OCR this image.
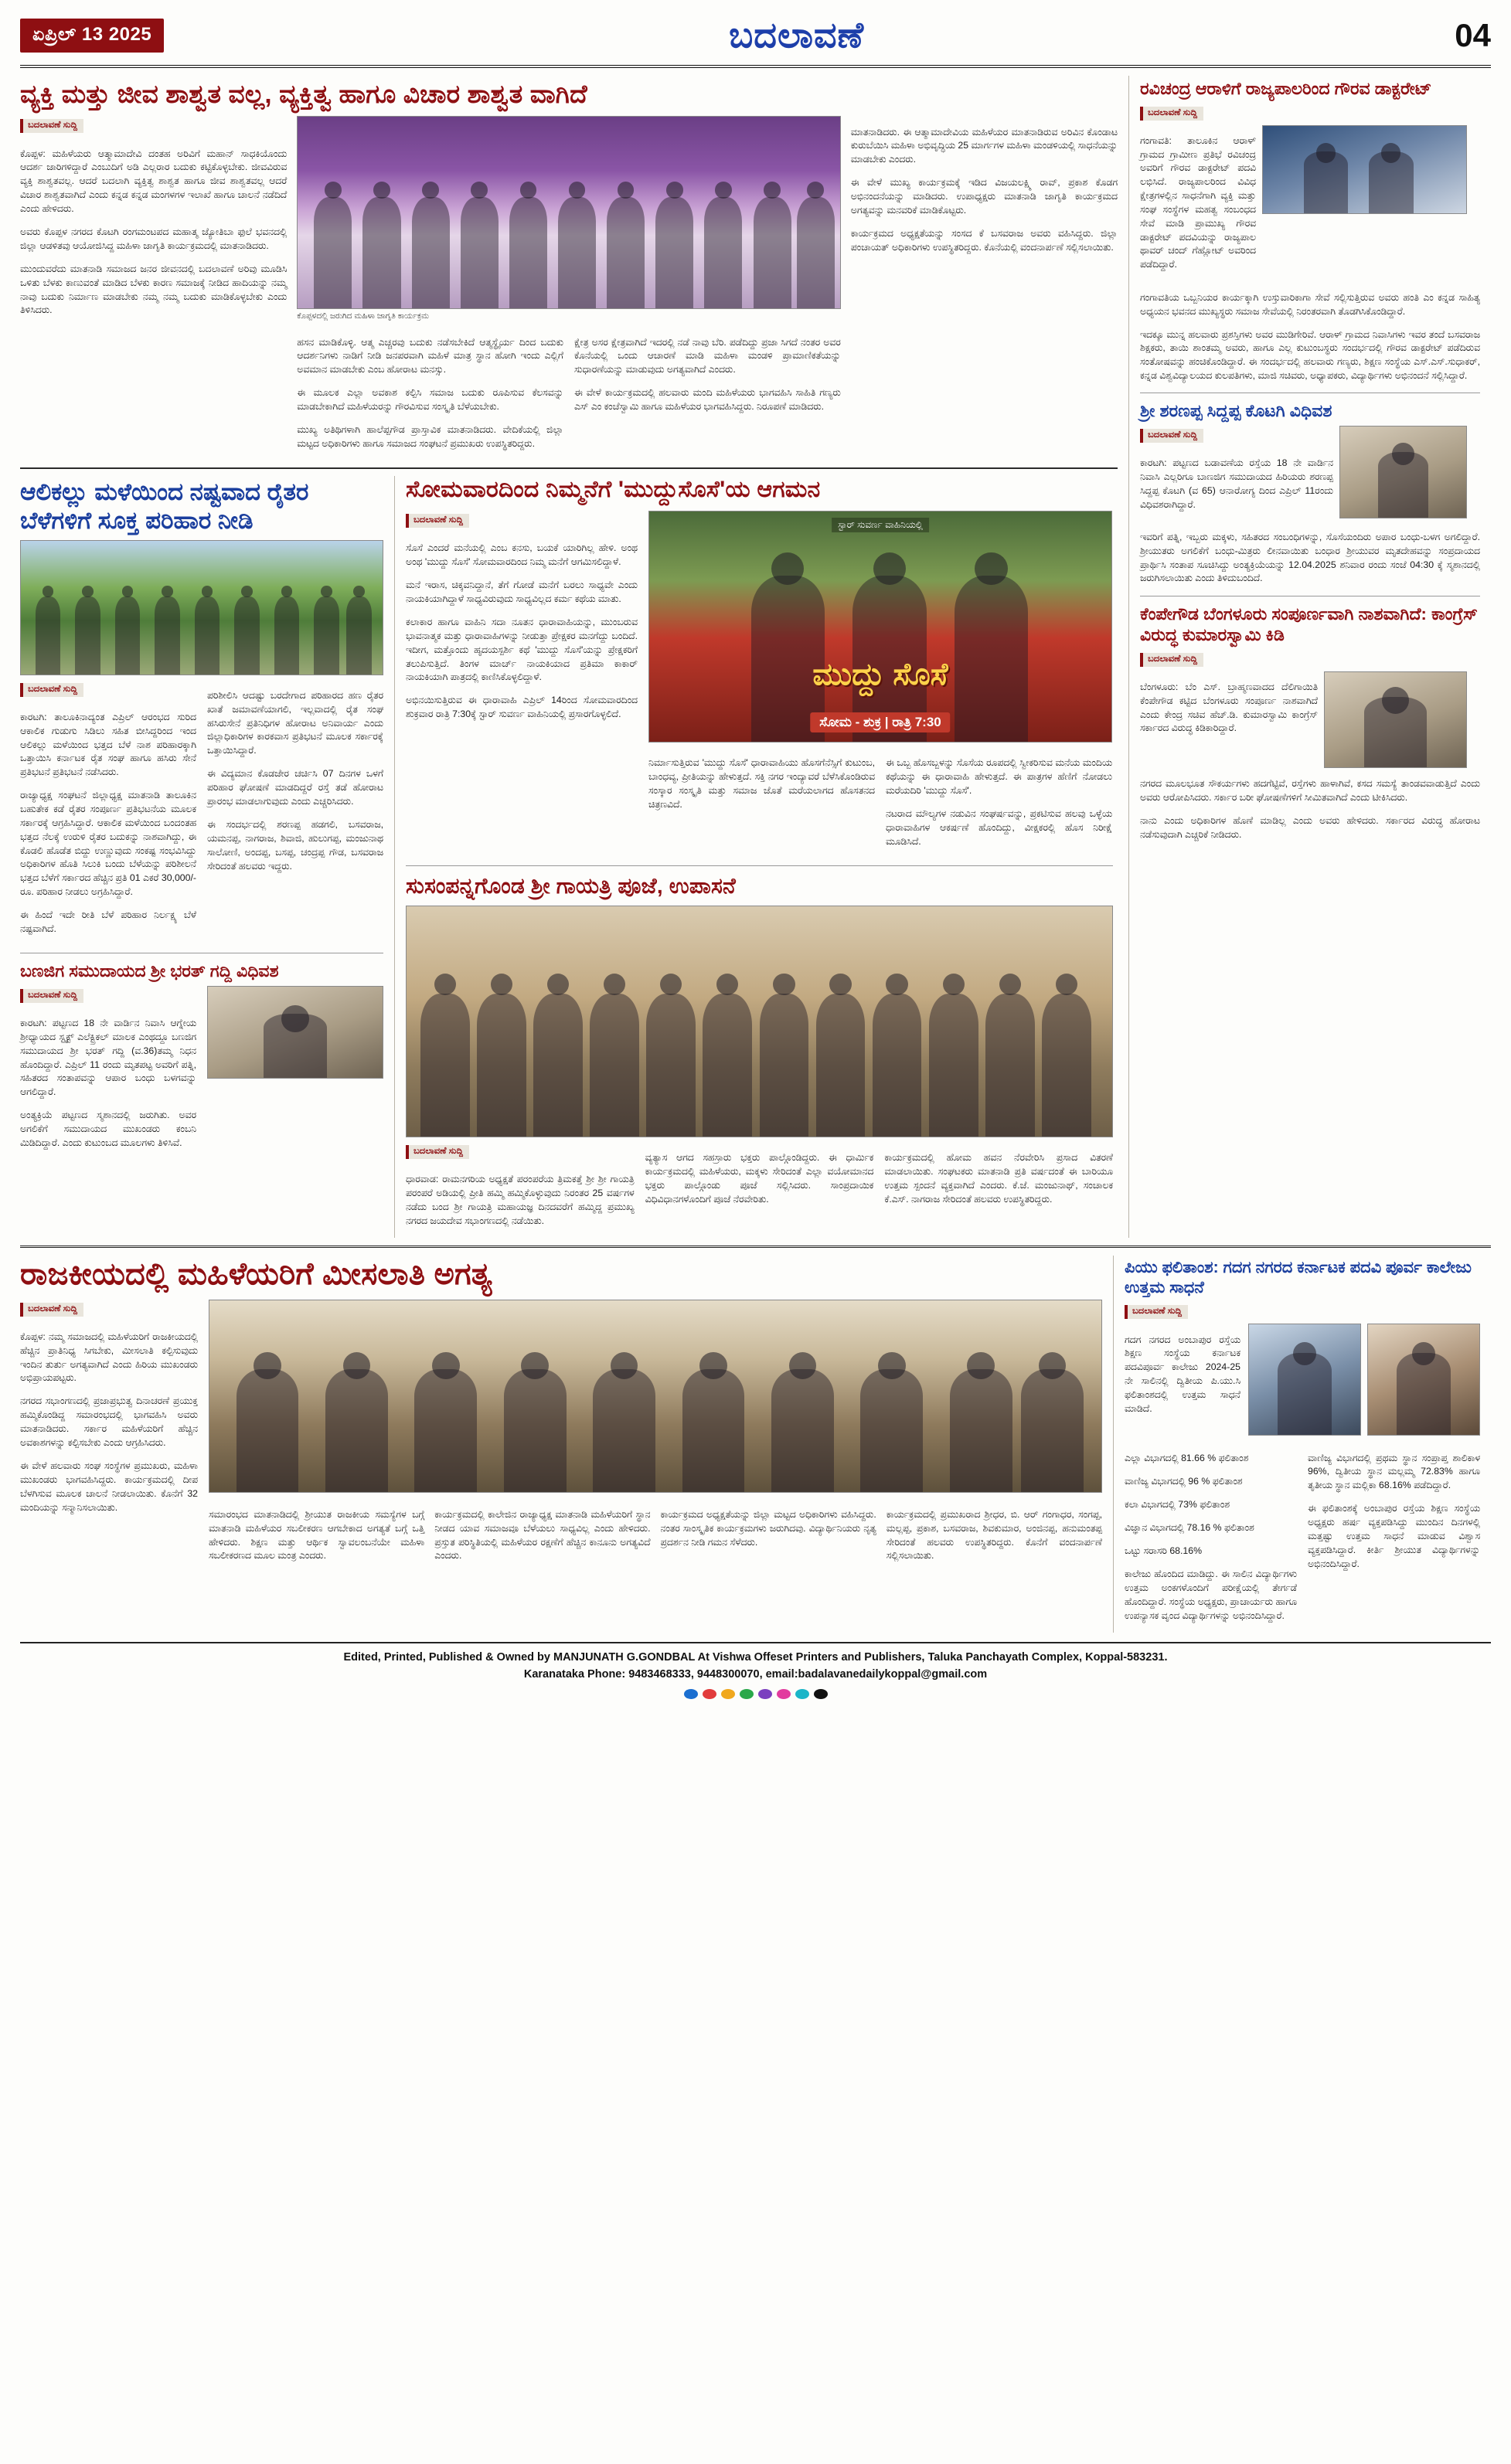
ಏಪ್ರಿಲ್ 13 2025	ಬದಲಾವಣೆ	04
ವ್ಯಕ್ತಿ ಮತ್ತು ಜೀವ ಶಾಶ್ವತ ವಲ್ಲ, ವ್ಯಕ್ತಿತ್ವ ಹಾಗೂ ವಿಚಾರ ಶಾಶ್ವತ ವಾಗಿದೆ
ಬದಲಾವಣೆ ಸುದ್ದಿ

ಕೊಪ್ಪಳ: ಮಹಿಳೆಯರು ಆತ್ಮಾಮಾದೇವಿ ದಂತಹ ಅರಿವಿಗೆ ಮಹಾನ್ ಸಾಧಕಿಯೊಂದು ಆದರ್ಶ ಜಾರಿಗಳಿದ್ದಾರೆ ಎಂಬುದಿಗೆ ಅಡಿ ಎಲ್ಲರಾರ ಬದುಕು ಕಟ್ಟಿಕೊಳ್ಳಬೇಕು. ಜೀವವಿರುವ ವ್ಯಕ್ತಿ ಶಾಶ್ವತವಲ್ಲ. ಆದರೆ ಬದಲಾಗಿ ವ್ಯಕ್ತಿತ್ವ ಶಾಶ್ವತ ಹಾಗೂ ಜೀವ ಶಾಶ್ವತವಲ್ಲ ಆದರೆ ವಿಚಾರ ಶಾಶ್ವತವಾಗಿದೆ ಎಂದು ಕನ್ನಡ ಕನ್ನಡ ಮಂಗಳಗಳ ಇಲಾಖೆ ಹಾಗೂ ಚಾಲನೆ ನಡೆದಿದೆ ಎಂದು ಹೇಳಿದರು.

ಅವರು ಕೊಪ್ಪಳ ನಗರದ ಕೊಟಗಿ ರಂಗಮಂಟಪದ ಮಹಾತ್ಮ ಜ್ಯೋತಿಬಾ ಫುಲೆ ಭವನದಲ್ಲಿ ಜಿಲ್ಲಾ ಆಡಳಿತವು ಆಯೋಜಿಸಿದ್ದ ಮಹಿಳಾ ಜಾಗೃತಿ ಕಾರ್ಯಕ್ರಮದಲ್ಲಿ ಮಾತನಾಡಿದರು.

ಮುಂದುವರೆದು ಮಾತನಾಡಿ ಸಮಾಜದ ಜನರ ಜೀವನದಲ್ಲಿ ಬದಲಾವಣೆ ಅರಿವು ಮೂಡಿಸಿ ಒಳಿತು ಬೆಳಕು ಕಾಣುವಂತೆ ಮಾಡಿದ ಬೆಳಕು ಕಾರಣ ಸಮಾಜಕ್ಕೆ ನೀಡಿದ ಹಾದಿಯನ್ನು ನಮ್ಮ ನಾವು ಬದುಕು ನಿರ್ಮಾಣ ಮಾಡಬೇಕು ನಮ್ಮ ನಮ್ಮ ಬದುಕು ಮಾಡಿಕೊಳ್ಳಬೇಕು ಎಂದು ತಿಳಿಸಿದರು.

ಕೊಪ್ಪಳದಲ್ಲಿ ಜರುಗಿದ ಮಹಿಳಾ ಜಾಗೃತಿ ಕಾರ್ಯಕ್ರಮ

ಹಸನ ಮಾಡಿಕೊಳ್ಳಿ. ಆತ್ಮ ಎಚ್ಚರವು ಬದುಕು ನಡೆಸಬೇಕಿದೆ ಆತ್ಮಸ್ಥೈರ್ಯ ದಿಂದ ಬದುಕು ಆದರ್ಶನಿಗಳು ನಾಡಿಗೆ ನೀಡಿ ಜನಪರವಾಗಿ ಮಹಿಳೆ ಮಾತ್ರ ಸ್ಥಾನ ಹೋಗಿ ಇಂದು ಎಲ್ಲಿಗೆ ಅವಮಾನ ಮಾಡಬೇಕು ಎಂಬ ಹೋರಾಟ ಮನಸ್ಸು.

ಈ ಮೂಲಕ ಎಲ್ಲಾ ಅವಕಾಶ ಕಲ್ಪಿಸಿ ಸಮಾಜ ಬದುಕು ರೂಪಿಸುವ ಕೆಲಸವನ್ನು ಮಾಡಬೇಕಾಗಿದೆ ಮಹಿಳೆಯರನ್ನು ಗೌರವಿಸುವ ಸಂಸ್ಕೃತಿ ಬೆಳೆಯಬೇಕು.

ಮುಖ್ಯ ಅತಿಥಿಗಳಾಗಿ ಹಾಲೆಪ್ಪಗೌಡ ಪ್ರಾಸ್ತಾವಿಕ ಮಾತನಾಡಿದರು. ವೇದಿಕೆಯಲ್ಲಿ ಜಿಲ್ಲಾ ಮಟ್ಟದ ಅಧಿಕಾರಿಗಳು ಹಾಗೂ ಸಮಾಜದ ಸಂಘಟನೆ ಪ್ರಮುಖರು ಉಪಸ್ಥಿತರಿದ್ದರು.

ಕ್ಷೇತ್ರ ಅಸರ ಕ್ಷೇತ್ರವಾಗಿದೆ ಇದರಲ್ಲಿ ನಡೆ ನಾವು ಬೆರಿ. ಪಡೆದಿದ್ದು ಪ್ರಜಾ ಸಿಗದೆ ನಂತರ ಅವರ ಕೊನೆಯಲ್ಲಿ ಒಂದು ಆಚಾರಣೆ ಮಾಡಿ ಮಹಿಳಾ ಮಂಡಳಿ ಪ್ರಾಮಾಣಿಕತೆಯನ್ನು ಸುಧಾರಣೆಯನ್ನು ಮಾಡುವುದು ಅಗತ್ಯವಾಗಿದೆ ಎಂದರು.

ಈ ವೇಳೆ ಕಾರ್ಯಕ್ರಮದಲ್ಲಿ ಹಲವಾರು ಮಂದಿ ಮಹಿಳೆಯರು ಭಾಗವಹಿಸಿ ಸಾಹಿತಿ ಗಣ್ಯರು ಎಸ್ ಎಂ ಕಂಚೆಸ್ವಾಮಿ ಹಾಗೂ ಮಹಿಳೆಯರ ಭಾಗವಹಿಸಿದ್ದರು. ನಿರೂಪಣೆ ಮಾಡಿದರು.

ಮಾತನಾಡಿದರು. ಈ ಆತ್ಮಾಮಾದೇವಿಯ ಮಹಿಳೆಯರ ಮಾತನಾಡಿರುವ ಅರಿವಿನ ಕೊಂಡಾಟ ಕುರುಬೆಯಿಸಿ ಮಹಿಳಾ ಅಭಿವೃದ್ಧಿಯ 25 ಮಾರ್ಗಗಳ ಮಹಿಳಾ ಮಂಡಳಿಯಲ್ಲಿ ಸಾಧನೆಯನ್ನು ಮಾಡಬೇಕು ಎಂದರು.

ಈ ವೇಳೆ ಮುಖ್ಯ ಕಾರ್ಯಕ್ರಮಕ್ಕೆ ಇಡಿದ ವಿಜಯಲಕ್ಷ್ಮಿ ರಾವ್, ಪ್ರಕಾಶ ಕೊಡಗ ಅಭಿನಂದನೆಯನ್ನು ಮಾಡಿದರು. ಉಪಾಧ್ಯಕ್ಷರು ಮಾತನಾಡಿ ಜಾಗೃತಿ ಕಾರ್ಯಕ್ರಮದ ಅಗತ್ಯವನ್ನು ಮನವರಿಕೆ ಮಾಡಿಕೊಟ್ಟರು.

ಕಾರ್ಯಕ್ರಮದ ಅಧ್ಯಕ್ಷತೆಯನ್ನು ಸಂಸದ ಕೆ ಬಸವರಾಜ ಅವರು ವಹಿಸಿದ್ದರು. ಜಿಲ್ಲಾ ಪಂಚಾಯತ್ ಅಧಿಕಾರಿಗಳು ಉಪಸ್ಥಿತರಿದ್ದರು. ಕೊನೆಯಲ್ಲಿ ವಂದನಾರ್ಪಣೆ ಸಲ್ಲಿಸಲಾಯಿತು.

ಆಲಿಕಲ್ಲು ಮಳೆಯಿಂದ ನಷ್ಟವಾದ ರೈತರ ಬೆಳೆಗಳಿಗೆ ಸೂಕ್ತ ಪರಿಹಾರ ನೀಡಿ
ಬದಲಾವಣೆ ಸುದ್ದಿ

ಕಾರಟಗಿ: ತಾಲೂಕಿನಾದ್ಯಂತ ಎಪ್ರಿಲ್ ಆರಂಭದ ಸುರಿದ ಆಕಾಲಿಕ ಗುಡುಗು ಸಿಡಿಲು ಸಹಿತ ಬೀಸಿದ್ದರಿಂದ ಇಂದ ಆಲಿಕಲ್ಲು ಮಳೆಯಿಂದ ಭತ್ತದ ಬೆಳೆ ನಾಶ ಪರಿಹಾರಕ್ಕಾಗಿ ಒತ್ತಾಯಿಸಿ ಕರ್ನಾಟಕ ರೈತ ಸಂಘ ಹಾಗೂ ಹಸಿರು ಸೇನೆ ಪ್ರತಿಭಟನೆ ಪ್ರತಿಭಟನೆ ನಡೆಸಿದರು.

ರಾಜ್ಯಾಧ್ಯಕ್ಷ ಸಂಘಟನೆ ಜಿಲ್ಲಾಧ್ಯಕ್ಷ ಮಾತನಾಡಿ ತಾಲೂಕಿನ ಬಹುತೇಕ ಕಡೆ ರೈತರ ಸಂಪೂರ್ಣ ಪ್ರತಿಭಟನೆಯ ಮೂಲಕ ಸರ್ಕಾರಕ್ಕೆ ಆಗ್ರಹಿಸಿದ್ದಾರೆ. ಆಕಾಲಿಕ ಮಳೆಯಿಂದ ಬಂದಂತಹ ಭತ್ತದ ನೆಲಕ್ಕೆ ಉರುಳಿ ರೈತರ ಬದುಕನ್ನು ನಾಶವಾಗಿದ್ದು, ಈ ಕೊಡಲಿ ಹೊಡೆತ ಬಿದ್ದು ಉಣ್ಣುವುದು ಸಂಕಷ್ಟ ಸಂಭವಿಸಿದ್ದು ಅಧಿಕಾರಿಗಳ ಹೊತಿ ಸಿಲುಕಿ ಬಂದು ಬೆಳೆಯನ್ನು ಪರಿಶೀಲನೆ ಭತ್ತದ ಬೆಳೆಗೆ ಸರ್ಕಾರದ ಹೆಚ್ಚಿನ ಪ್ರತಿ 01 ಎಕರೆ 30,000/- ರೂ. ಪರಿಹಾರ ನೀಡಲು ಅಗ್ರಹಿಸಿದ್ದಾರೆ.

ಈ ಹಿಂದೆ ಇದೇ ರೀತಿ ಬೆಳೆ ಪರಿಹಾರ ನಿರ್ಲಕ್ಷ್ಯ ಬೆಳೆ ನಷ್ಟವಾಗಿದೆ.

ಪರಿಶೀಲಿಸಿ ಆದಷ್ಟು ಬರದೇಗಾದ ಪರಿಹಾರದ ಹಣ ರೈತರ ಖಾತೆ ಜಮಾವಣೆಯಾಗಲಿ, ಇಲ್ಲವಾದಲ್ಲಿ ರೈತ ಸಂಘ ಹಸಿರುಸೇನೆ ಪ್ರತಿನಿಧಿಗಳ ಹೋರಾಟ ಅನಿವಾರ್ಯ ಎಂದು ಜಿಲ್ಲಾಧಿಕಾರಿಗಳ ಕಾರಕವಾಸ ಪ್ರತಿಭಟನೆ ಮೂಲಕ ಸರ್ಕಾರಕ್ಕೆ ಒತ್ತಾಯಿಸಿದ್ದಾರೆ.

ಈ ವಿದ್ಯಮಾನ ಕೊಡಜೇರ ಚರ್ಚಿಸಿ 07 ದಿನಗಳ ಒಳಗೆ ಪರಿಹಾರ ಘೋಷಣೆ ಮಾಡದಿದ್ದರೆ ರಸ್ತೆ ತಡೆ ಹೋರಾಟ ಪ್ರಾರಂಭ ಮಾಡಲಾಗುವುದು ಎಂದು ಎಚ್ಚರಿಸಿದರು.

ಈ ಸಂದರ್ಭದಲ್ಲಿ ಶರಣಪ್ಪ ಹಡಗಲಿ, ಬಸವರಾಜ, ಯಮನಪ್ಪ, ನಾಗರಾಜ, ಶಿವಾಜಿ, ಹುಲುಗಪ್ಪ, ಮಂಜುನಾಥ ಸಾಲೋಣಿ, ಅಂದಪ್ಪ, ಬಸಪ್ಪ, ಚಂದ್ರಪ್ಪ ಗೌಡ, ಬಸವರಾಜ ಸೇರಿದಂತೆ ಹಲವರು ಇದ್ದರು.

ಬಣಜಿಗ ಸಮುದಾಯದ ಶ್ರೀ ಭರತ್ ಗದ್ದಿ ವಿಧಿವಶ
ಬದಲಾವಣೆ ಸುದ್ದಿ

ಕಾರಟಗಿ: ಪಟ್ಟಣದ 18 ನೇ ವಾರ್ಡಿನ ನಿವಾಸಿ ಆಗ್ನೇಯ ಶ್ರೀಧ್ಯಾಯದ ಸ್ಟೃಕ್ಟ್ ಎಲೆಕ್ಟ್ರಿಕಲ್ ಮಾಲಕ ಎಂಥದ್ದೂ ಬಣಜಿಗ ಸಮುದಾಯದ ಶ್ರೀ ಭರತ್ ಗದ್ದಿ (ವ.36)ತಮ್ಮ ನಿಧನ ಹೊಂದಿದ್ದಾರೆ. ಎಪ್ರಿಲ್ 11 ರಂದು ಮೃತಪಟ್ಟ ಅವರಿಗೆ ಪತ್ನಿ, ಸಹಿತರದ ಸಂತಾಪವನ್ನು ಆಪಾರ ಬಂಧು ಬಳಗವನ್ನು ಆಗಲಿದ್ದಾರೆ.

ಅಂತ್ಯಕ್ರಿಯೆ ಪಟ್ಟಣದ ಸ್ಮಶಾನದಲ್ಲಿ ಜರುಗಿತು. ಅವರ ಅಗಲಿಕೆಗೆ ಸಮುದಾಯದ ಮುಖಂಡರು ಕಂಬನಿ ಮಿಡಿದಿದ್ದಾರೆ. ಎಂದು ಕುಟುಂಬದ ಮೂಲಗಳು ತಿಳಿಸಿವೆ.

ಸೋಮವಾರದಿಂದ ನಿಮ್ಮನೆಗೆ 'ಮುದ್ದುಸೊಸೆ'ಯ ಆಗಮನ
ಬದಲಾವಣೆ ಸುದ್ದಿ

ಸೊಸೆ ಎಂದರೆ ಮನೆಯಲ್ಲಿ ಎಂಬ ಕನಸು, ಬಯಕೆ ಯಾರಿಗಿಲ್ಲ ಹೇಳಿ. ಅಂಥ ಅಂಥ 'ಮುದ್ದು ಸೊಸೆ' ಸೋಮವಾರದಿಂದ ನಿಮ್ಮ ಮನೆಗೆ ಆಗಮಿಸಲಿದ್ದಾಳೆ.

ಮನೆ ಇರಾಸ, ಚಿಕ್ಕವನಿದ್ದಾನೆ, ತೆಗೆ ಗೋಡೆ ಮನೆಗೆ ಬರಲು ಸಾಧ್ಯವೇ ಎಂದು ನಾಯಕಿಯಾಗಿದ್ದಾಳೆ ಸಾಧ್ಯವಿರುವುದು ಸಾಧ್ಯವಿಲ್ಲದ ಕರ್ಮ ಕಥೆಯ ಮಾತು.

ಕಲಾಕಾರ ಹಾಗೂ ವಾಹಿನಿ ಸದಾ ನೂತನ ಧಾರಾವಾಹಿಯನ್ನು, ಮುಂಬರುವ ಭಾವನಾತ್ಮಕ ಮತ್ತು ಧಾರಾವಾಹಿಗಳನ್ನು ನೀಡುತ್ತಾ ಪ್ರೇಕ್ಷಕರ ಮನಗೆದ್ದು ಬಂದಿದೆ. ಇದೀಗ, ಮತ್ತೊಂದು ಹೃದಯಸ್ಪರ್ಶಿ ಕಥೆ 'ಮುದ್ದು ಸೊಸೆ'ಯನ್ನು ಪ್ರೇಕ್ಷಕರಿಗೆ ತಲುಪಿಸುತ್ತಿದೆ. ತಿಂಗಳ ಮಾರ್ಚ್ ನಾಯಕಿಯಾದ ಪ್ರತಿಮಾ ಕಾಕಾರ್ ನಾಯಕಿಯಾಗಿ ಪಾತ್ರದಲ್ಲಿ ಕಾಣಿಸಿಕೊಳ್ಳಲಿದ್ದಾಳೆ.

ಅಭಿನಯಿಸುತ್ತಿರುವ ಈ ಧಾರಾವಾಹಿ ಎಪ್ರಿಲ್ 14ರಿಂದ ಸೋಮವಾರದಿಂದ ಶುಕ್ರವಾರ ರಾತ್ರಿ 7:30ಕ್ಕೆ ಸ್ಟಾರ್ ಸುವರ್ಣ ವಾಹಿನಿಯಲ್ಲಿ ಪ್ರಸಾರಗೊಳ್ಳಲಿದೆ.

ಸ್ಟಾರ್ ಸುವರ್ಣ ವಾಹಿನಿಯಲ್ಲಿ
ಮುದ್ದು ಸೊಸೆ
ಸೋಮ - ಶುಕ್ರ | ರಾತ್ರಿ 7:30

ನಿರ್ಮಾಸುತ್ತಿರುವ 'ಮುದ್ದು ಸೊಸೆ' ಧಾರಾವಾಹಿಯು ಹೊಸಗೆನೆಸ್ಸಿಗೆ ಕುಟುಂಬ, ಬಾಂಧವ್ಯ, ಪ್ರೀತಿಯನ್ನು ಹೇಳುತ್ತದೆ. ಸಕ್ತಿ ನಗರ ಇಂದ್ಯಾವರೆ ಬೆಳೆಸಿಕೊಂಡಿರುವ ಸಂಸ್ಕಾರ ಸಂಸ್ಕೃತಿ ಮತ್ತು ಸಮಾಜ ಜೊತೆ ಮರೆಯಲಾಗದ ಹೊಸತನದ ಚಿತ್ರಣವಿದೆ.

ಈ ಒಬ್ಬ ಹೊಸಬ್ಬಳನ್ನು ಸೊಸೆಯ ರೂಪದಲ್ಲಿ ಸ್ವೀಕರಿಸುವ ಮನೆಯ ಮಂದಿಯ ಕಥೆಯನ್ನು ಈ ಧಾರಾವಾಹಿ ಹೇಳುತ್ತದೆ. ಈ ಪಾತ್ರಗಳ ಹೆಣಿಗೆ ನೋಡಲು ಮರೆಯದಿರಿ 'ಮುದ್ದು ಸೊಸೆ'.

ನಟರಾದ ಮೌಲ್ಯಗಳ ನಡುವಿನ ಸಂಘರ್ಷವನ್ನು, ಪ್ರಕಟಿಸುವ ಹಲವು ಒಳ್ಳೆಯ ಧಾರಾವಾಹಿಗಳ ಆಕರ್ಷಣೆ ಹೊಂದಿದ್ದು, ವೀಕ್ಷಕರಲ್ಲಿ ಹೊಸ ನಿರೀಕ್ಷೆ ಮೂಡಿಸಿದೆ.

ಸುಸಂಪನ್ನಗೊಂಡ ಶ್ರೀ ಗಾಯತ್ರಿ ಪೂಜೆ, ಉಪಾಸನೆ
ಬದಲಾವಣೆ ಸುದ್ದಿ

ಧಾರವಾಡ: ರಾಮನಗರಿಯ ಅಧ್ಯಕ್ಷತೆ ಪರಂಪರೆಯ ತ್ರಿಮಕತ್ತೆ ಶ್ರೀ ಶ್ರೀ ಗಾಯತ್ರಿ ಪರಂಪರೆ ಅಡಿಯಲ್ಲಿ ಪ್ರೀತಿ ಹಮ್ಮಿ ಹಮ್ಮಿಕೊಳ್ಳುವುದು ನಿರಂತರ 25 ವರ್ಷಗಳ ನಡೆದು ಬಂದ ಶ್ರೀ ಗಾಯತ್ರಿ ಮಹಾಯಜ್ಞ ದಿನದವರೆಗೆ ಹಮ್ಮಿದ್ದ ಪ್ರಮುಖ್ಯ ನಗರದ ಜಯದೇವ ಸಭಾಂಗಣದಲ್ಲಿ ನಡೆಯಿತು.

ವ್ಯತ್ಯಾಸ ಆಗದ ಸಹಸ್ರಾರು ಭಕ್ತರು ಪಾಲ್ಗೊಂಡಿದ್ದರು. ಈ ಧಾರ್ಮಿಕ ಕಾರ್ಯಕ್ರಮದಲ್ಲಿ ಮಹಿಳೆಯರು, ಮಕ್ಕಳು ಸೇರಿದಂತೆ ಎಲ್ಲಾ ವಯೋಮಾನದ ಭಕ್ತರು ಪಾಲ್ಗೊಂಡು ಪೂಜೆ ಸಲ್ಲಿಸಿದರು. ಸಾಂಪ್ರದಾಯಿಕ ವಿಧಿವಿಧಾನಗಳೊಂದಿಗೆ ಪೂಜೆ ನೆರವೇರಿತು.

ಕಾರ್ಯಕ್ರಮದಲ್ಲಿ ಹೋಮ ಹವನ ನೆರವೇರಿಸಿ ಪ್ರಸಾದ ವಿತರಣೆ ಮಾಡಲಾಯಿತು. ಸಂಘಟಕರು ಮಾತನಾಡಿ ಪ್ರತಿ ವರ್ಷದಂತೆ ಈ ಬಾರಿಯೂ ಉತ್ತಮ ಸ್ಪಂದನೆ ವ್ಯಕ್ತವಾಗಿದೆ ಎಂದರು. ಕೆ.ಜೆ. ಮಂಜುನಾಥ್, ಸಂಚಾಲಕ ಕೆ.ಎಸ್. ನಾಗರಾಜ ಸೇರಿದಂತೆ ಹಲವರು ಉಪಸ್ಥಿತರಿದ್ದರು.

ರವಿಚಂದ್ರ ಆರಾಳಿಗೆ ರಾಜ್ಯಪಾಲರಿಂದ ಗೌರವ ಡಾಕ್ಟರೇಟ್
ಬದಲಾವಣೆ ಸುದ್ದಿ

ಗಂಗಾವತಿ: ತಾಲೂಕಿನ ಆರಾಳ್ ಗ್ರಾಮದ ಗ್ರಾಮೀಣ ಪ್ರತಿಭೆ ರವಿಚಂದ್ರ ಅವರಿಗೆ ಗೌರವ ಡಾಕ್ಟರೇಟ್ ಪದವಿ ಲಭಿಸಿದೆ. ರಾಜ್ಯಪಾಲರಿಂದ ವಿವಿಧ ಕ್ಷೇತ್ರಗಳಲ್ಲಿನ ಸಾಧನೆಗಾಗಿ ವ್ಯಕ್ತಿ ಮತ್ತು ಸಂಘ ಸಂಸ್ಥೆಗಳ ಮಹತ್ವ ಸಂಬಂಧದ ಸೇವೆ ಮಾಡಿ ಪ್ರಾಮುಖ್ಯ ಗೌರವ ಡಾಕ್ಟರೇಟ್ ಪದವಿಯನ್ನು ರಾಜ್ಯಪಾಲ ಥಾವರ್ ಚಂದ್ ಗೆಹ್ಲೋಟ್ ಅವರಿಂದ ಪಡೆದಿದ್ದಾರೆ.

ಗಂಗಾವತಿಯ ಒಬ್ಬನಿಯರ ಕಾರ್ಯಕ್ಕಾಗಿ ಉಸ್ತುವಾರಿಕಾಗಾ ಸೇವೆ ಸಲ್ಲಿಸುತ್ತಿರುವ ಅವರು ಹಂತಿ ಎಂ ಕನ್ನಡ ಸಾಹಿತ್ಯ ಅಧ್ಯಯನ ಭವನದ ಮುಖ್ಯಸ್ಥರು ಸಮಾಜ ಸೇವೆಯಲ್ಲಿ ನಿರಂತರವಾಗಿ ತೊಡಗಿಸಿಕೊಂಡಿದ್ದಾರೆ.

ಇದಕ್ಕೂ ಮುನ್ನ ಹಲವಾರು ಪ್ರಶಸ್ತಿಗಳು ಅವರ ಮುಡಿಗೇರಿವೆ. ಆರಾಳ್ ಗ್ರಾಮದ ನಿವಾಸಿಗಳು ಇವರ ತಂದೆ ಬಸವರಾಜ ಶಿಕ್ಷಕರು, ತಾಯಿ ಶಾಂತಮ್ಮ ಅವರು, ಹಾಗೂ ಎಲ್ಲ ಕುಟುಂಬಸ್ಥರು ಸಂದರ್ಭದಲ್ಲಿ ಗೌರವ ಡಾಕ್ಟರೇಟ್ ಪಡೆದಿರುವ ಸಂತೋಷವನ್ನು ಹಂಚಿಕೊಂಡಿದ್ದಾರೆ. ಈ ಸಂದರ್ಭದಲ್ಲಿ ಹಲವಾರು ಗಣ್ಯರು, ಶಿಕ್ಷಣ ಸಂಸ್ಥೆಯ ಎಸ್.ಎಸ್.ಸುಧಾಕರ್, ಕನ್ನಡ ವಿಶ್ವವಿದ್ಯಾಲಯದ ಕುಲಪತಿಗಳು, ಮಾಜಿ ಸಚಿವರು, ಅಧ್ಯಾಪಕರು, ವಿದ್ಯಾರ್ಥಿಗಳು ಅಭಿನಂದನೆ ಸಲ್ಲಿಸಿದ್ದಾರೆ.

ಶ್ರೀ ಶರಣಪ್ಪ ಸಿದ್ದಪ್ಪ ಕೊಟಗಿ ವಿಧಿವಶ
ಬದಲಾವಣೆ ಸುದ್ದಿ

ಕಾರಟಗಿ: ಪಟ್ಟಣದ ಬಡಾವಣೆಯ ರಸ್ತೆಯ 18 ನೇ ವಾರ್ಡಿನ ನಿವಾಸಿ ಎಲ್ಲರಿಗೂ ಬಾಣಜಿಗ ಸಮುದಾಯದ ಹಿರಿಯರು ಶರಣಪ್ಪ ಸಿದ್ದಪ್ಪ ಕೊಟಗಿ (ವ 65) ಆನಾರೋಗ್ಯ ದಿಂದ ಎಪ್ರಿಲ್ 11ರಂದು ವಿಧಿವಶರಾಗಿದ್ದಾರೆ.

ಇವರಿಗೆ ಪತ್ನಿ, ಇಬ್ಬರು ಮಕ್ಕಳು, ಸಹಿತರದ ಸಂಬಂಧಿಗಳನ್ನು, ಸೊಸೆಯಂದಿರು ಅಪಾರ ಬಂಧು-ಬಳಗ ಅಗಲಿದ್ದಾರೆ. ಶ್ರೀಯುತರು ಅಗಲಿಕೆಗೆ ಬಂಧು-ಮಿತ್ರರು ಲೀನವಾಯಿತು ಬಂಧಾರ ಶ್ರೀಯುವರ ಮೃತದೇಹವನ್ನು ಸಂಪ್ರದಾಯದ ಪ್ರಾರ್ಥಿಸಿ ಸಂತಾಪ ಸೂಚಿಸಿದ್ದು ಅಂತ್ಯಕ್ರಿಯೆಯನ್ನು 12.04.2025 ಶನಿವಾರ ರಂದು ಸಂಜೆ 04:30 ಕ್ಕೆ ಸ್ಮಶಾನದಲ್ಲಿ ಜರುಗಿಸಲಾಯಿತು ಎಂದು ತಿಳಿದುಬಂದಿದೆ.

ಕೆಂಪೇಗೌಡ ಬೆಂಗಳೂರು ಸಂಪೂರ್ಣವಾಗಿ ನಾಶವಾಗಿದೆ: ಕಾಂಗ್ರೆಸ್ ವಿರುದ್ಧ ಕುಮಾರಸ್ವಾಮಿ ಕಿಡಿ
ಬದಲಾವಣೆ ಸುದ್ದಿ

ಬೆಂಗಳೂರು: ಬೆಂ ಎಸ್. ಬ್ರಾಹ್ಮಣವಾದದ ದೆಲಿಗಾಯಿತಿ ಕೆಂಪೇಗೌಡ ಕಟ್ಟಿದ ಬೆಂಗಳೂರು ಸಂಪೂರ್ಣ ನಾಶವಾಗಿದೆ ಎಂದು ಕೇಂದ್ರ ಸಚಿವ ಹೆಚ್.ಡಿ. ಕುಮಾರಸ್ವಾಮಿ ಕಾಂಗ್ರೆಸ್ ಸರ್ಕಾರದ ವಿರುದ್ಧ ಕಿಡಿಕಾರಿದ್ದಾರೆ.

ನಗರದ ಮೂಲಭೂತ ಸೌಕರ್ಯಗಳು ಹದಗೆಟ್ಟಿವೆ, ರಸ್ತೆಗಳು ಹಾಳಾಗಿವೆ, ಕಸದ ಸಮಸ್ಯೆ ತಾಂಡವವಾಡುತ್ತಿದೆ ಎಂದು ಅವರು ಆರೋಪಿಸಿದರು. ಸರ್ಕಾರ ಬರೀ ಘೋಷಣೆಗಳಿಗೆ ಸೀಮಿತವಾಗಿದೆ ಎಂದು ಟೀಕಿಸಿದರು.

ನಾನು ಎಂದು ಅಧಿಕಾರಿಗಳ ಹೊಣೆ ಮಾಡಿಲ್ಲ ಎಂದು ಅವರು ಹೇಳಿದರು. ಸರ್ಕಾರದ ವಿರುದ್ಧ ಹೋರಾಟ ನಡೆಸುವುದಾಗಿ ಎಚ್ಚರಿಕೆ ನೀಡಿದರು.

ರಾಜಕೀಯದಲ್ಲಿ ಮಹಿಳೆಯರಿಗೆ ಮೀಸಲಾತಿ ಅಗತ್ಯ
ಬದಲಾವಣೆ ಸುದ್ದಿ

ಕೊಪ್ಪಳ: ನಮ್ಮ ಸಮಾಜದಲ್ಲಿ ಮಹಿಳೆಯರಿಗೆ ರಾಜಕೀಯದಲ್ಲಿ ಹೆಚ್ಚಿನ ಪ್ರಾತಿನಿಧ್ಯ ಸಿಗಬೇಕು, ಮೀಸಲಾತಿ ಕಲ್ಪಿಸುವುದು ಇಂದಿನ ತುರ್ತು ಅಗತ್ಯವಾಗಿದೆ ಎಂದು ಹಿರಿಯ ಮುಖಂಡರು ಅಭಿಪ್ರಾಯಪಟ್ಟರು.

ನಗರದ ಸಭಾಂಗಣದಲ್ಲಿ ಪ್ರಜಾಪ್ರಭುತ್ವ ದಿನಾಚರಣೆ ಪ್ರಯುಕ್ತ ಹಮ್ಮಿಕೊಂಡಿದ್ದ ಸಮಾರಂಭದಲ್ಲಿ ಭಾಗವಹಿಸಿ ಅವರು ಮಾತನಾಡಿದರು. ಸರ್ಕಾರ ಮಹಿಳೆಯರಿಗೆ ಹೆಚ್ಚಿನ ಅವಕಾಶಗಳನ್ನು ಕಲ್ಪಿಸಬೇಕು ಎಂದು ಆಗ್ರಹಿಸಿದರು.

ಈ ವೇಳೆ ಹಲವಾರು ಸಂಘ ಸಂಸ್ಥೆಗಳ ಪ್ರಮುಖರು, ಮಹಿಳಾ ಮುಖಂಡರು ಭಾಗವಹಿಸಿದ್ದರು. ಕಾರ್ಯಕ್ರಮದಲ್ಲಿ ದೀಪ ಬೆಳಗಿಸುವ ಮೂಲಕ ಚಾಲನೆ ನೀಡಲಾಯಿತು. ಕೊನೆಗೆ 32 ಮಂದಿಯನ್ನು ಸನ್ಮಾನಿಸಲಾಯಿತು.

ಸಮಾರಂಭದ ಮಾತನಾಡಿದಲ್ಲಿ ಶ್ರೀಯುತ ರಾಜಕೀಯ ಸಮಸ್ಯೆಗಳ ಬಗ್ಗೆ ಮಾತನಾಡಿ ಮಹಿಳೆಯರ ಸಬಲೀಕರಣ ಆಗಬೇಕಾದ ಅಗತ್ಯತೆ ಬಗ್ಗೆ ಒತ್ತಿ ಹೇಳಿದರು. ಶಿಕ್ಷಣ ಮತ್ತು ಆರ್ಥಿಕ ಸ್ವಾವಲಂಬನೆಯೇ ಮಹಿಳಾ ಸಬಲೀಕರಣದ ಮೂಲ ಮಂತ್ರ ಎಂದರು.

ಕಾರ್ಯಕ್ರಮದಲ್ಲಿ ಕಾಲೇಜಿನ ರಾಜ್ಯಾಧ್ಯಕ್ಷ ಮಾತನಾಡಿ ಮಹಿಳೆಯರಿಗೆ ಸ್ಥಾನ ನೀಡದ ಯಾವ ಸಮಾಜವೂ ಬೆಳೆಯಲು ಸಾಧ್ಯವಿಲ್ಲ ಎಂದು ಹೇಳಿದರು. ಪ್ರಸ್ತುತ ಪರಿಸ್ಥಿತಿಯಲ್ಲಿ ಮಹಿಳೆಯರ ರಕ್ಷಣೆಗೆ ಹೆಚ್ಚಿನ ಕಾನೂನು ಅಗತ್ಯವಿದೆ ಎಂದರು.

ಕಾರ್ಯಕ್ರಮದ ಅಧ್ಯಕ್ಷತೆಯನ್ನು ಜಿಲ್ಲಾ ಮಟ್ಟದ ಅಧಿಕಾರಿಗಳು ವಹಿಸಿದ್ದರು. ನಂತರ ಸಾಂಸ್ಕೃತಿಕ ಕಾರ್ಯಕ್ರಮಗಳು ಜರುಗಿದವು. ವಿದ್ಯಾರ್ಥಿನಿಯರು ನೃತ್ಯ ಪ್ರದರ್ಶನ ನೀಡಿ ಗಮನ ಸೆಳೆದರು.

ಕಾರ್ಯಕ್ರಮದಲ್ಲಿ ಪ್ರಮುಖರಾದ ಶ್ರೀಧರ, ಬಿ. ಆರ್ ಗಂಗಾಧರ, ಸಂಗಪ್ಪ, ಮಲ್ಲಪ್ಪ, ಪ್ರಕಾಶ, ಬಸವರಾಜ, ಶಿವಕುಮಾರ, ಅಂಜಿನಪ್ಪ, ಹನುಮಂತಪ್ಪ ಸೇರಿದಂತೆ ಹಲವರು ಉಪಸ್ಥಿತರಿದ್ದರು. ಕೊನೆಗೆ ವಂದನಾರ್ಪಣೆ ಸಲ್ಲಿಸಲಾಯಿತು.

ಪಿಯು ಫಲಿತಾಂಶ: ಗದಗ ನಗರದ ಕರ್ನಾಟಕ ಪದವಿ ಪೂರ್ವ ಕಾಲೇಜು ಉತ್ತಮ ಸಾಧನೆ
ಬದಲಾವಣೆ ಸುದ್ದಿ

ಗದಗ ನಗರದ ಅಂಬಾಪುರ ರಸ್ತೆಯ ಶಿಕ್ಷಣ ಸಂಸ್ಥೆಯ ಕರ್ನಾಟಕ ಪದವಿಪೂರ್ವ ಕಾಲೇಜು 2024-25 ನೇ ಸಾಲಿನಲ್ಲಿ ದ್ವಿತೀಯ ಪಿ.ಯು.ಸಿ ಫಲಿತಾಂಶದಲ್ಲಿ ಉತ್ತಮ ಸಾಧನೆ ಮಾಡಿದೆ.

ಎಲ್ಲಾ ವಿಭಾಗದಲ್ಲಿ 81.66 % ಫಲಿತಾಂಶ

ವಾಣಿಜ್ಯ ವಿಭಾಗದಲ್ಲಿ 96 % ಫಲಿತಾಂಶ

ಕಲಾ ವಿಭಾಗದಲ್ಲಿ 73% ಫಲಿತಾಂಶ

ವಿಜ್ಞಾನ ವಿಭಾಗದಲ್ಲಿ 78.16 % ಫಲಿತಾಂಶ

ಒಟ್ಟು ಸರಾಸರಿ 68.16%

ಕಾಲೇಜು ಹೊಂದಿದ ಮಾಡಿದ್ದು. ಈ ಸಾಲಿನ ವಿದ್ಯಾರ್ಥಿಗಳು ಉತ್ತಮ ಅಂಕಗಳೊಂದಿಗೆ ಪರೀಕ್ಷೆಯಲ್ಲಿ ತೇರ್ಗಡೆ ಹೊಂದಿದ್ದಾರೆ. ಸಂಸ್ಥೆಯ ಅಧ್ಯಕ್ಷರು, ಪ್ರಾಚಾರ್ಯರು ಹಾಗೂ ಉಪನ್ಯಾಸಕ ವೃಂದ ವಿದ್ಯಾರ್ಥಿಗಳನ್ನು ಅಭಿನಂದಿಸಿದ್ದಾರೆ.

ವಾಣಿಜ್ಯ ವಿಭಾಗದಲ್ಲಿ ಪ್ರಥಮ ಸ್ಥಾನ ಸಂಪ್ರಾಪ್ತ ಶಾಲಿಕಾಳ 96%, ದ್ವಿತೀಯ ಸ್ಥಾನ ಮಲ್ಲಮ್ಮ 72.83% ಹಾಗೂ ತೃತೀಯ ಸ್ಥಾನ ಮಲ್ಲಿಕಾ 68.16% ಪಡೆದಿದ್ದಾರೆ.

ಈ ಫಲಿತಾಂಶಕ್ಕೆ ಅಂಬಾಪುರ ರಸ್ತೆಯ ಶಿಕ್ಷಣ ಸಂಸ್ಥೆಯ ಅಧ್ಯಕ್ಷರು ಹರ್ಷ ವ್ಯಕ್ತಪಡಿಸಿದ್ದು ಮುಂದಿನ ದಿನಗಳಲ್ಲಿ ಮತ್ತಷ್ಟು ಉತ್ತಮ ಸಾಧನೆ ಮಾಡುವ ವಿಶ್ವಾಸ ವ್ಯಕ್ತಪಡಿಸಿದ್ದಾರೆ. ಕೀರ್ತಿ ಶ್ರೀಯುತ ವಿದ್ಯಾರ್ಥಿಗಳನ್ನು ಅಭಿನಂದಿಸಿದ್ದಾರೆ.

Edited, Printed, Published & Owned by MANJUNATH G.GONDBAL At Vishwa Offeset Printers and Publishers, Taluka Panchayath Complex, Koppal-583231.
Karanataka Phone: 9483468333, 9448300070, email:badalavanedailykoppal@gmail.com
